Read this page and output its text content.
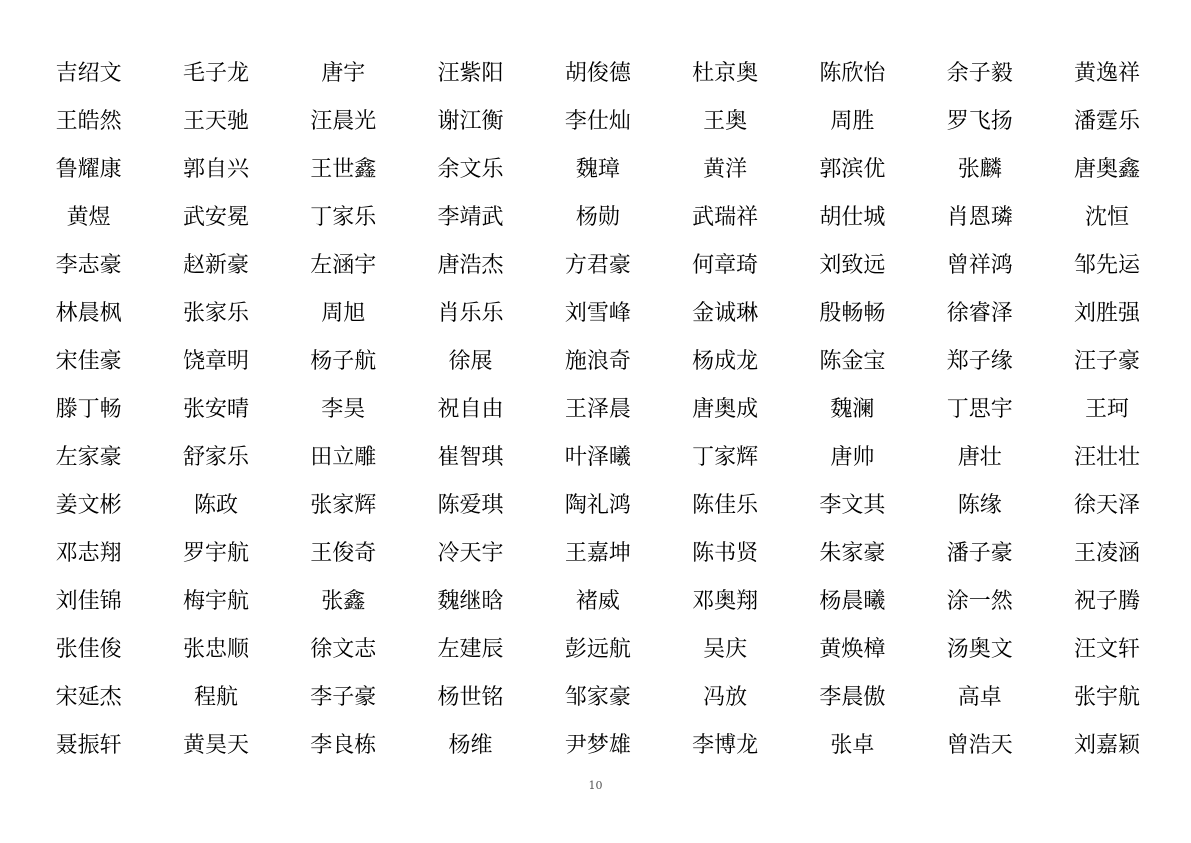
吉绍文	毛子龙	唐宇	汪紫阳	胡俊德	杜京奥	陈欣怡	余子毅	黄逸祥
王皓然	王天驰	汪晨光	谢江衡	李仕灿	王奥	周胜	罗飞扬	潘霆乐
鲁耀康	郭自兴	王世鑫	余文乐	魏璋	黄洋	郭滨优	张麟	唐奥鑫
黄煜	武安冕	丁家乐	李靖武	杨勋	武瑞祥	胡仕城	肖恩璘	沈恒
李志豪	赵新豪	左涵宇	唐浩杰	方君豪	何章琦	刘致远	曾祥鸿	邹先运
林晨枫	张家乐	周旭	肖乐乐	刘雪峰	金诚琳	殷畅畅	徐睿泽	刘胜强
宋佳豪	饶章明	杨子航	徐展	施浪奇	杨成龙	陈金宝	郑子缘	汪子豪
滕丁畅	张安晴	李昊	祝自由	王泽晨	唐奥成	魏澜	丁思宇	王珂
左家豪	舒家乐	田立雕	崔智琪	叶泽曦	丁家辉	唐帅	唐壮	汪壮壮
姜文彬	陈政	张家辉	陈爱琪	陶礼鸿	陈佳乐	李文其	陈缘	徐天泽
邓志翔	罗宇航	王俊奇	冷天宇	王嘉坤	陈书贤	朱家豪	潘子豪	王凌涵
刘佳锦	梅宇航	张鑫	魏继晗	褚威	邓奥翔	杨晨曦	涂一然	祝子腾
张佳俊	张忠顺	徐文志	左建辰	彭远航	吴庆	黄焕樟	汤奥文	汪文轩
宋延杰	程航	李子豪	杨世铭	邹家豪	冯放	李晨傲	高卓	张宇航
聂振轩	黄昊天	李良栋	杨维	尹梦雄	李博龙	张卓	曾浩天	刘嘉颖
10
